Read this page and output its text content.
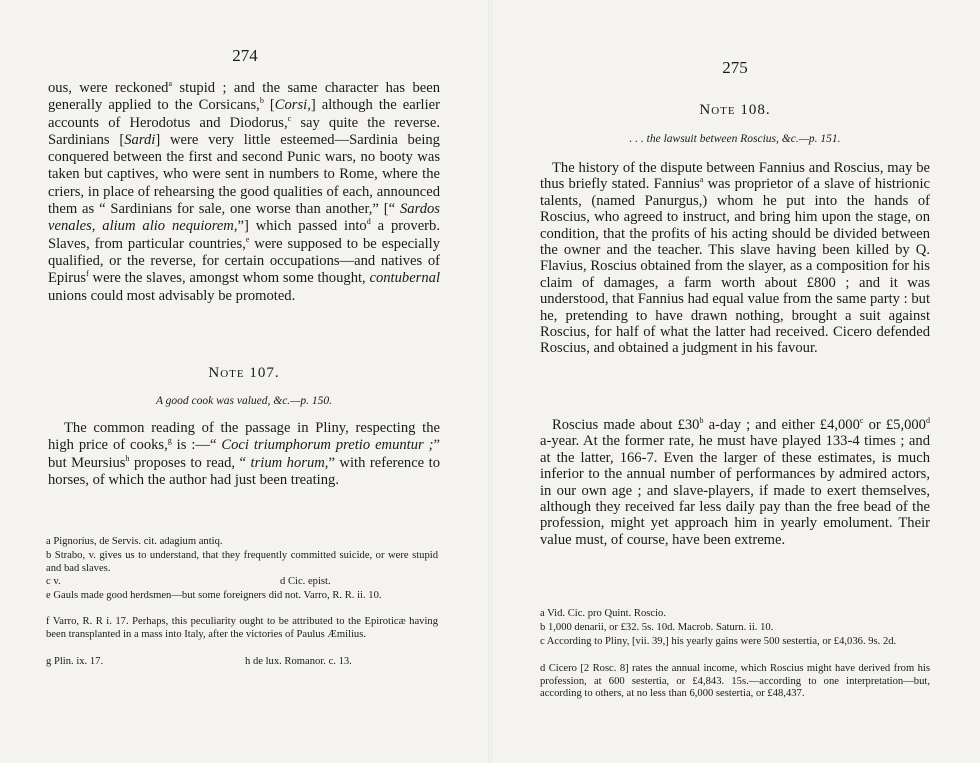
274
ous, were reckoned$^a$ stupid ; and the same character has been generally applied to the Corsicans,$^b$ [Corsi,] although the earlier accounts of Herodotus and Diodorus,$^c$ say quite the reverse. Sardinians [Sardi] were very little esteemed—Sardinia being conquered between the first and second Punic wars, no booty was taken but captives, who were sent in numbers to Rome, where the criers, in place of rehearsing the good qualities of each, announced them as “ Sardinians for sale, one worse than another,” [“ Sardos venales, alium alio nequiorem,”] which passed into$^d$ a proverb. Slaves, from particular countries,$^e$ were supposed to be especially qualified, or the reverse, for certain occupations—and natives of Epirus$^f$ were the slaves, amongst whom some thought, contubernal unions could most advisably be promoted.
Note 107.
A good cook was valued, &c.—p. 150.
The common reading of the passage in Pliny, respecting the high price of cooks,$^g$ is :—“ Coci triumphorum pretio emuntur ;” but Meursius$^h$ proposes to read, “ trium horum,” with reference to horses, of which the author had just been treating.
a Pignorius, de Servis. cit. adagium antiq.
b Strabo, v. gives us to understand, that they frequently committed suicide, or were stupid and bad slaves.
c v.	d Cic. epist.
e Gauls made good herdsmen—but some foreigners did not. Varro, R. R. ii. 10.
f Varro, R. R i. 17. Perhaps, this peculiarity ought to be attributed to the Epiroticæ having been transplanted in a mass into Italy, after the victories of Paulus Æmilius.
g Plin. ix. 17.	h de lux. Romanor. c. 13.
275
Note 108.
. . . the lawsuit between Roscius, &c.—p. 151.
The history of the dispute between Fannius and Roscius, may be thus briefly stated. Fannius$^a$ was proprietor of a slave of histrionic talents, (named Panurgus,) whom he put into the hands of Roscius, who agreed to instruct, and bring him upon the stage, on condition, that the profits of his acting should be divided between the owner and the teacher. This slave having been killed by Q. Flavius, Roscius obtained from the slayer, as a composition for his claim of damages, a farm worth about £800 ; and it was understood, that Fannius had equal value from the same party : but he, pretending to have drawn nothing, brought a suit against Roscius, for half of what the latter had received. Cicero defended Roscius, and obtained a judgment in his favour.
Roscius made about £30$^b$ a-day ; and either £4,000$^c$ or £5,000$^d$ a-year. At the former rate, he must have played 133-4 times ; and at the latter, 166-7. Even the larger of these estimates, is much inferior to the annual number of performances by admired actors, in our own age ; and slave-players, if made to exert themselves, although they received far less daily pay than the free bead of the profession, might yet approach him in yearly emolument. Their value must, of course, have been extreme.
a Vid. Cic. pro Quint. Roscio.
b 1,000 denarii, or £32. 5s. 10d. Macrob. Saturn. ii. 10.
c According to Pliny, [vii. 39,] his yearly gains were 500 sestertia, or £4,036. 9s. 2d.
d Cicero [2 Rosc. 8] rates the annual income, which Roscius might have derived from his profession, at 600 sestertia, or £4,843. 15s.—according to one interpretation—but, according to others, at no less than 6,000 sestertia, or £48,437.
